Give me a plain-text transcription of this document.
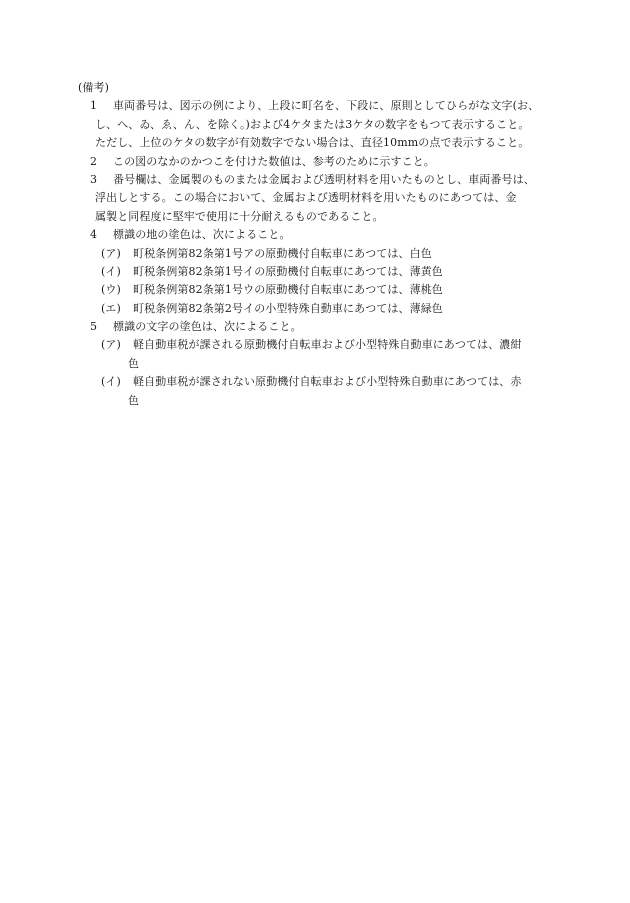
(備考)
1 車両番号は、図示の例により、上段に町名を、下段に、原則としてひらがな文字(お、
し、へ、ゐ、ゑ、ん、を除く。)および4ケタまたは3ケタの数字をもつて表示すること。
ただし、上位のケタの数字が有効数字でない場合は、直径10mmの点で表示すること。
2 この図のなかのかつこを付けた数値は、参考のために示すこと。
3 番号欄は、金属製のものまたは金属および透明材料を用いたものとし、車両番号は、
浮出しとする。この場合において、金属および透明材料を用いたものにあつては、金
属製と同程度に堅牢で使用に十分耐えるものであること。
4 標識の地の塗色は、次によること。
(ア) 町税条例第82条第1号アの原動機付自転車にあつては、白色
(イ) 町税条例第82条第1号イの原動機付自転車にあつては、薄黄色
(ウ) 町税条例第82条第1号ウの原動機付自転車にあつては、薄桃色
(エ) 町税条例第82条第2号イの小型特殊自動車にあつては、薄緑色
5 標識の文字の塗色は、次によること。
(ア) 軽自動車税が課される原動機付自転車および小型特殊自動車にあつては、濃紺
色
(イ) 軽自動車税が課されない原動機付自転車および小型特殊自動車にあつては、赤
色
